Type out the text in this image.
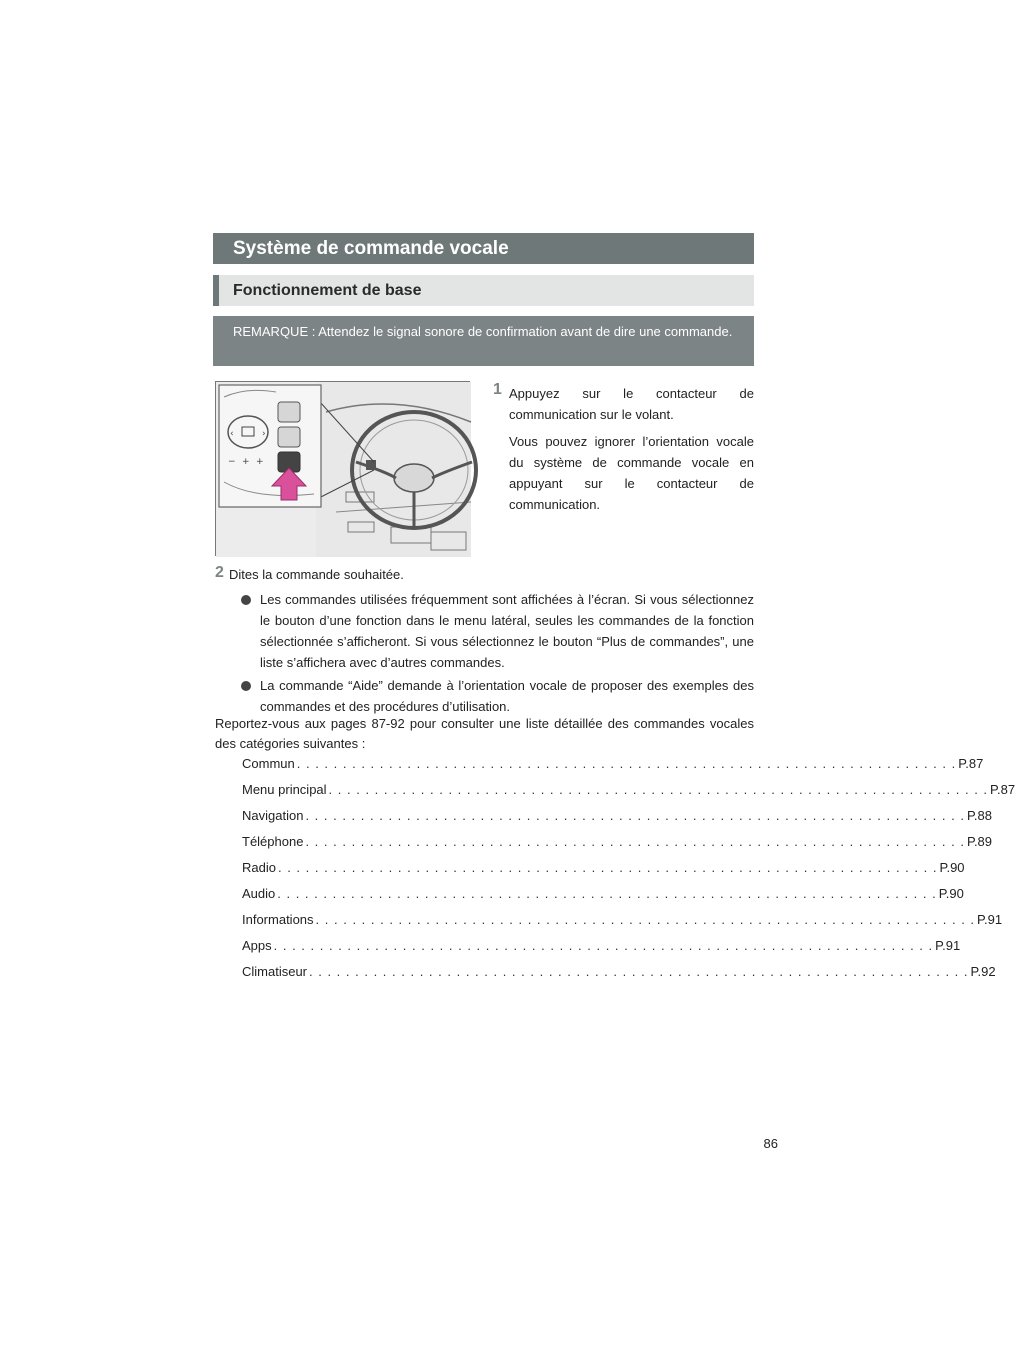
Système de commande vocale
Fonctionnement de base
REMARQUE : Attendez le signal sonore de confirmation avant de dire une commande.
‹	›
− + +
1 Appuyez sur le contacteur de communication sur le volant.

Vous pouvez ignorer l’orientation vocale du système de commande vocale en appuyant sur le contacteur de communication.

2 Dites la commande souhaitée.
Les commandes utilisées fréquemment sont affichées à l’écran. Si vous sélectionnez le bouton d’une fonction dans le menu latéral, seules les commandes de la fonction sélectionnée s’afficheront. Si vous sélectionnez le bouton “Plus de commandes”, une liste s’affichera avec d’autres commandes.
La commande “Aide” demande à l’orientation vocale de proposer des exemples des commandes et des procédures d’utilisation.
Reportez-vous aux pages 87-92 pour consulter une liste détaillée des commandes vocales des catégories suivantes :
Commun . . . . . . . . . . . . . . . . . . . . . . . . . . . . . . . . . . . . . . . . . . . . . . . . . . . . . . . . . . . . . . . . . . . . . . . . P.87
Menu principal . . . . . . . . . . . . . . . . . . . . . . . . . . . . . . . . . . . . . . . . . . . . . . . . . . . . . . . . . . . . . . . . . . . . . . . . P.87
Navigation . . . . . . . . . . . . . . . . . . . . . . . . . . . . . . . . . . . . . . . . . . . . . . . . . . . . . . . . . . . . . . . . . . . . . . . . P.88
Téléphone . . . . . . . . . . . . . . . . . . . . . . . . . . . . . . . . . . . . . . . . . . . . . . . . . . . . . . . . . . . . . . . . . . . . . . . . P.89
Radio . . . . . . . . . . . . . . . . . . . . . . . . . . . . . . . . . . . . . . . . . . . . . . . . . . . . . . . . . . . . . . . . . . . . . . . . P.90
Audio . . . . . . . . . . . . . . . . . . . . . . . . . . . . . . . . . . . . . . . . . . . . . . . . . . . . . . . . . . . . . . . . . . . . . . . . P.90
Informations . . . . . . . . . . . . . . . . . . . . . . . . . . . . . . . . . . . . . . . . . . . . . . . . . . . . . . . . . . . . . . . . . . . . . . . . P.91
Apps . . . . . . . . . . . . . . . . . . . . . . . . . . . . . . . . . . . . . . . . . . . . . . . . . . . . . . . . . . . . . . . . . . . . . . . . P.91
Climatiseur . . . . . . . . . . . . . . . . . . . . . . . . . . . . . . . . . . . . . . . . . . . . . . . . . . . . . . . . . . . . . . . . . . . . . . . . P.92
86
